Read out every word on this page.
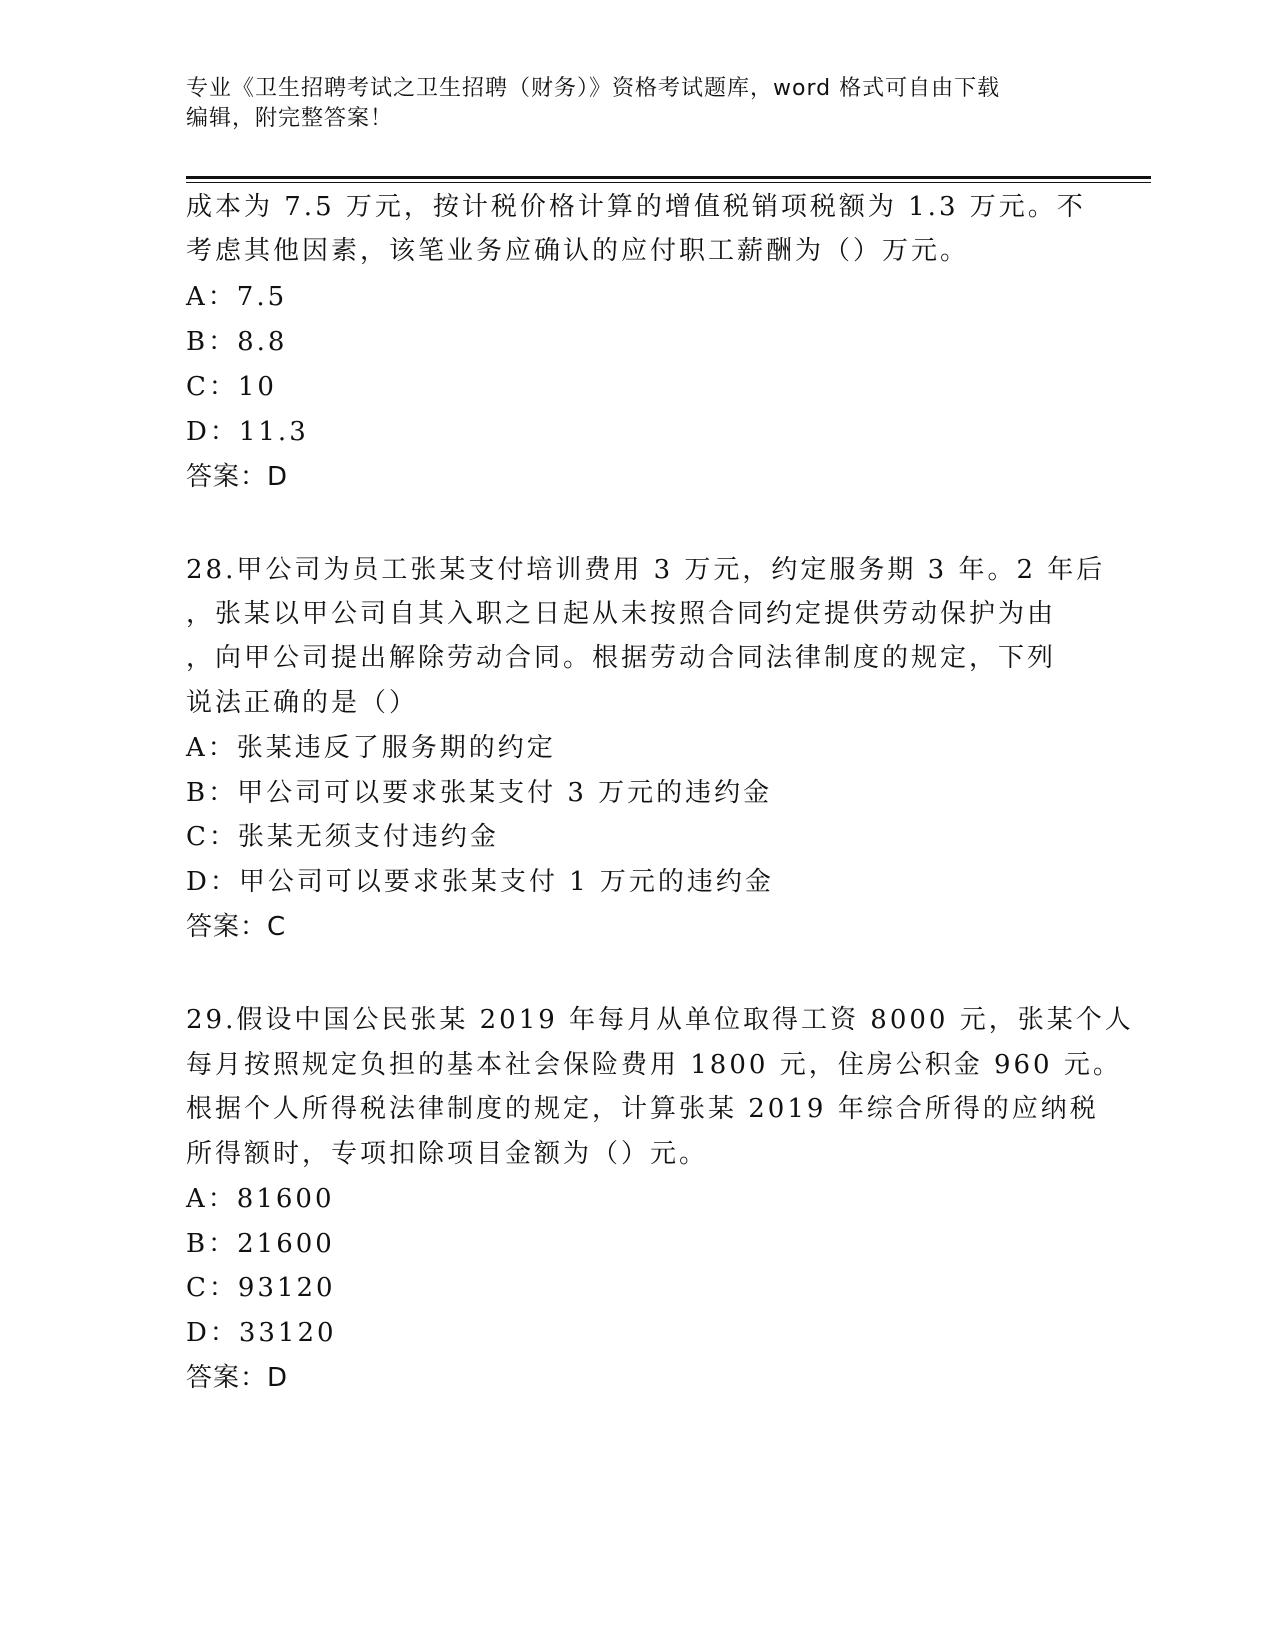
专业《卫生招聘考试之卫生招聘（财务）》资格考试题库，word 格式可自由下载
编辑，附完整答案！
成本为 7.5 万元，按计税价格计算的增值税销项税额为 1.3 万元。不
考虑其他因素，该笔业务应确认的应付职工薪酬为（）万元。
A：7.5
B：8.8
C：10
D：11.3
答案：D
28.甲公司为员工张某支付培训费用 3 万元，约定服务期 3 年。2 年后
，张某以甲公司自其入职之日起从未按照合同约定提供劳动保护为由
，向甲公司提出解除劳动合同。根据劳动合同法律制度的规定，下列
说法正确的是（）
A：张某违反了服务期的约定
B：甲公司可以要求张某支付 3 万元的违约金
C：张某无须支付违约金
D：甲公司可以要求张某支付 1 万元的违约金
答案：C
29.假设中国公民张某 2019 年每月从单位取得工资 8000 元，张某个人
每月按照规定负担的基本社会保险费用 1800 元，住房公积金 960 元。
根据个人所得税法律制度的规定，计算张某 2019 年综合所得的应纳税
所得额时，专项扣除项目金额为（）元。
A：81600
B：21600
C：93120
D：33120
答案：D
